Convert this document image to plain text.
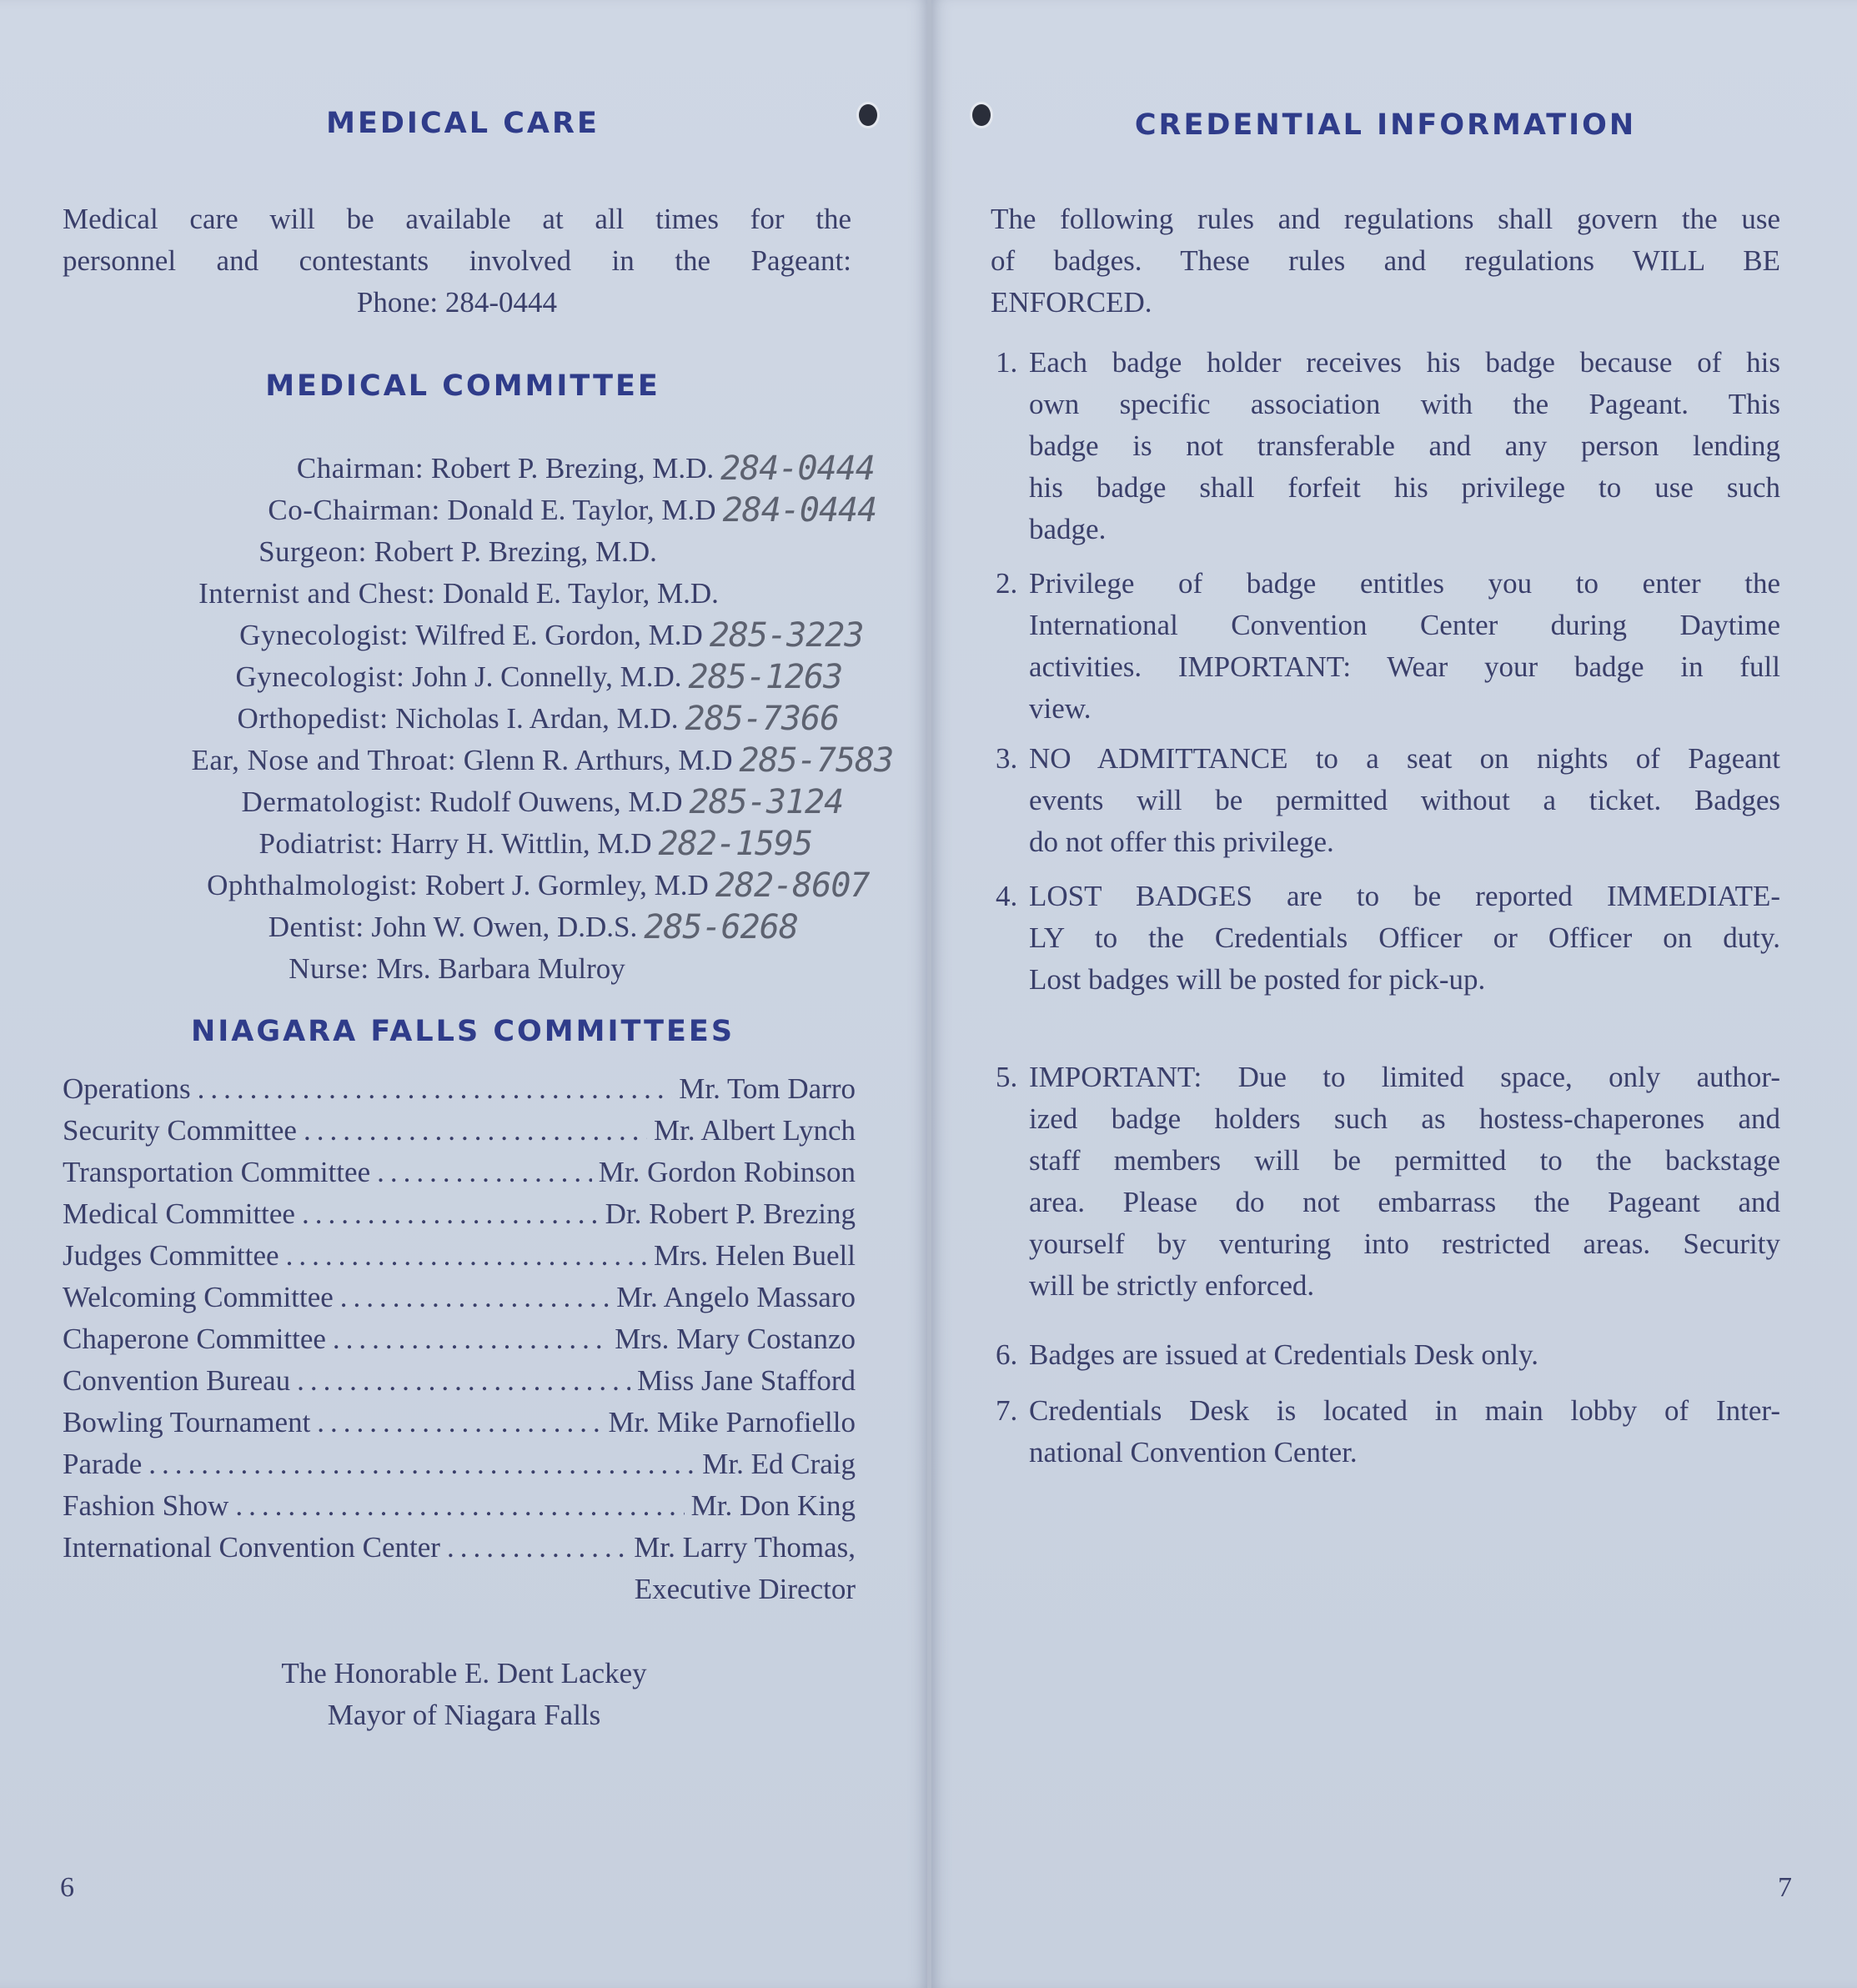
MEDICAL CARE

Medical care will be available at all times for the

personnel and contestants involved in the Pageant:

Phone: 284-0444
MEDICAL COMMITTEE
Chairman: Robert P. Brezing, M.D. 284-0444
Co-Chairman: Donald E. Taylor, M.D 284-0444
Surgeon: Robert P. Brezing, M.D.
Internist and Chest: Donald E. Taylor, M.D.
Gynecologist: Wilfred E. Gordon, M.D 285-3223
Gynecologist: John J. Connelly, M.D. 285-1263
Orthopedist: Nicholas I. Ardan, M.D. 285-7366
Ear, Nose and Throat: Glenn R. Arthurs, M.D 285-7583
Dermatologist: Rudolf Ouwens, M.D 285-3124
Podiatrist: Harry H. Wittlin, M.D 282-1595
Ophthalmologist: Robert J. Gormley, M.D 282-8607
Dentist: John W. Owen, D.D.S. 285-6268
Nurse: Mrs. Barbara Mulroy
NIAGARA FALLS COMMITTEES
Operations .....	Mr. Tom Darro
Security Committee .....	Mr. Albert Lynch
Transportation Committee .....	Mr. Gordon Robinson
Medical Committee .....	Dr. Robert P. Brezing
Judges Committee .....	Mrs. Helen Buell
Welcoming Committee .....	Mr. Angelo Massaro
Chaperone Committee .....	Mrs. Mary Costanzo
Convention Bureau .....	Miss Jane Stafford
Bowling Tournament .....	Mr. Mike Parnofiello
Parade .....	Mr. Ed Craig
Fashion Show .....	Mr. Don King
International Convention Center .....	Mr. Larry Thomas,
Executive Director
The Honorable E. Dent Lackey
Mayor of Niagara Falls
6
CREDENTIAL INFORMATION
The following rules and regulations shall govern the use
of badges. These rules and regulations WILL BE
ENFORCED.
1. Each badge holder receives his badge because of his
own specific association with the Pageant. This
badge is not transferable and any person lending
his badge shall forfeit his privilege to use such
badge.
2. Privilege of badge entitles you to enter the
International Convention Center during Daytime
activities. IMPORTANT: Wear your badge in full
view.
3. NO ADMITTANCE to a seat on nights of Pageant
events will be permitted without a ticket. Badges
do not offer this privilege.
4. LOST BADGES are to be reported IMMEDIATE-
LY to the Credentials Officer or Officer on duty.
Lost badges will be posted for pick-up.
5. IMPORTANT: Due to limited space, only author-
ized badge holders such as hostess-chaperones and
staff members will be permitted to the backstage
area. Please do not embarrass the Pageant and
yourself by venturing into restricted areas. Security
will be strictly enforced.
6. Badges are issued at Credentials Desk only.
7. Credentials Desk is located in main lobby of Inter-
national Convention Center.
7
